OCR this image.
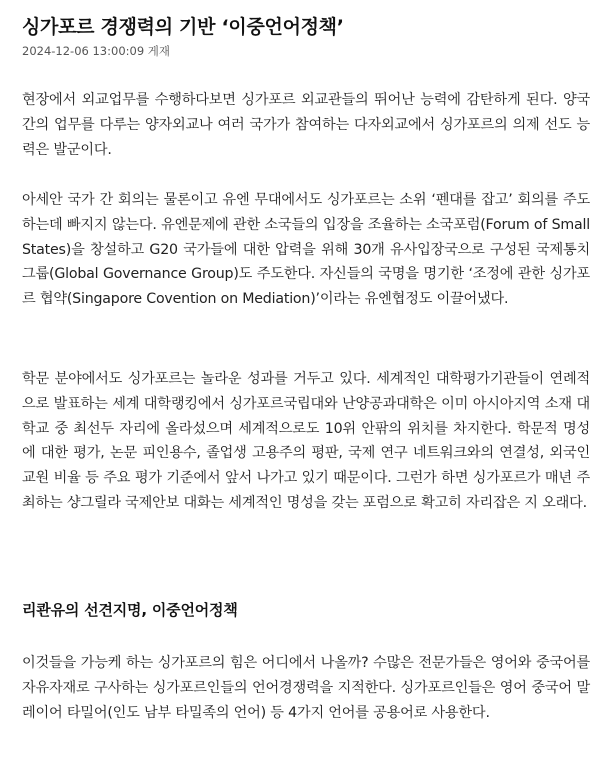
싱가포르 경쟁력의 기반 ‘이중언어정책’
2024-12-06 13:00:09 게재

현장에서 외교업무를 수행하다보면 싱가포르 외교관들의 뛰어난 능력에 감탄하게 된다. 양국 간의 업무를 다루는 양자외교나 여러 국가가 참여하는 다자외교에서 싱가포르의 의제 선도 능력은 발군이다.

아세안 국가 간 회의는 물론이고 유엔 무대에서도 싱가포르는 소위 ‘펜대를 잡고’ 회의를 주도하는데 빠지지 않는다. 유엔문제에 관한 소국들의 입장을 조율하는 소국포럼(Forum of Small States)을 창설하고 G20 국가들에 대한 압력을 위해 30개 유사입장국으로 구성된 국제통치그룹(Global Governance Group)도 주도한다. 자신들의 국명을 명기한 ‘조정에 관한 싱가포르 협약(Singapore Covention on Mediation)’이라는 유엔협정도 이끌어냈다.

학문 분야에서도 싱가포르는 놀라운 성과를 거두고 있다. 세계적인 대학평가기관들이 연례적으로 발표하는 세계 대학랭킹에서 싱가포르국립대와 난양공과대학은 이미 아시아지역 소재 대학교 중 최선두 자리에 올라섰으며 세계적으로도 10위 안팎의 위치를 차지한다. 학문적 명성에 대한 평가, 논문 피인용수, 졸업생 고용주의 평판, 국제 연구 네트워크와의 연결성, 외국인 교원 비율 등 주요 평가 기준에서 앞서 나가고 있기 때문이다. 그런가 하면 싱가포르가 매년 주최하는 샹그릴라 국제안보 대화는 세계적인 명성을 갖는 포럼으로 확고히 자리잡은 지 오래다.

리콴유의 선견지명, 이중언어정책

이것들을 가능케 하는 싱가포르의 힘은 어디에서 나올까? 수많은 전문가들은 영어와 중국어를 자유자재로 구사하는 싱가포르인들의 언어경쟁력을 지적한다. 싱가포르인들은 영어 중국어 말레이어 타밀어(인도 남부 타밀족의 언어) 등 4가지 언어를 공용어로 사용한다.
